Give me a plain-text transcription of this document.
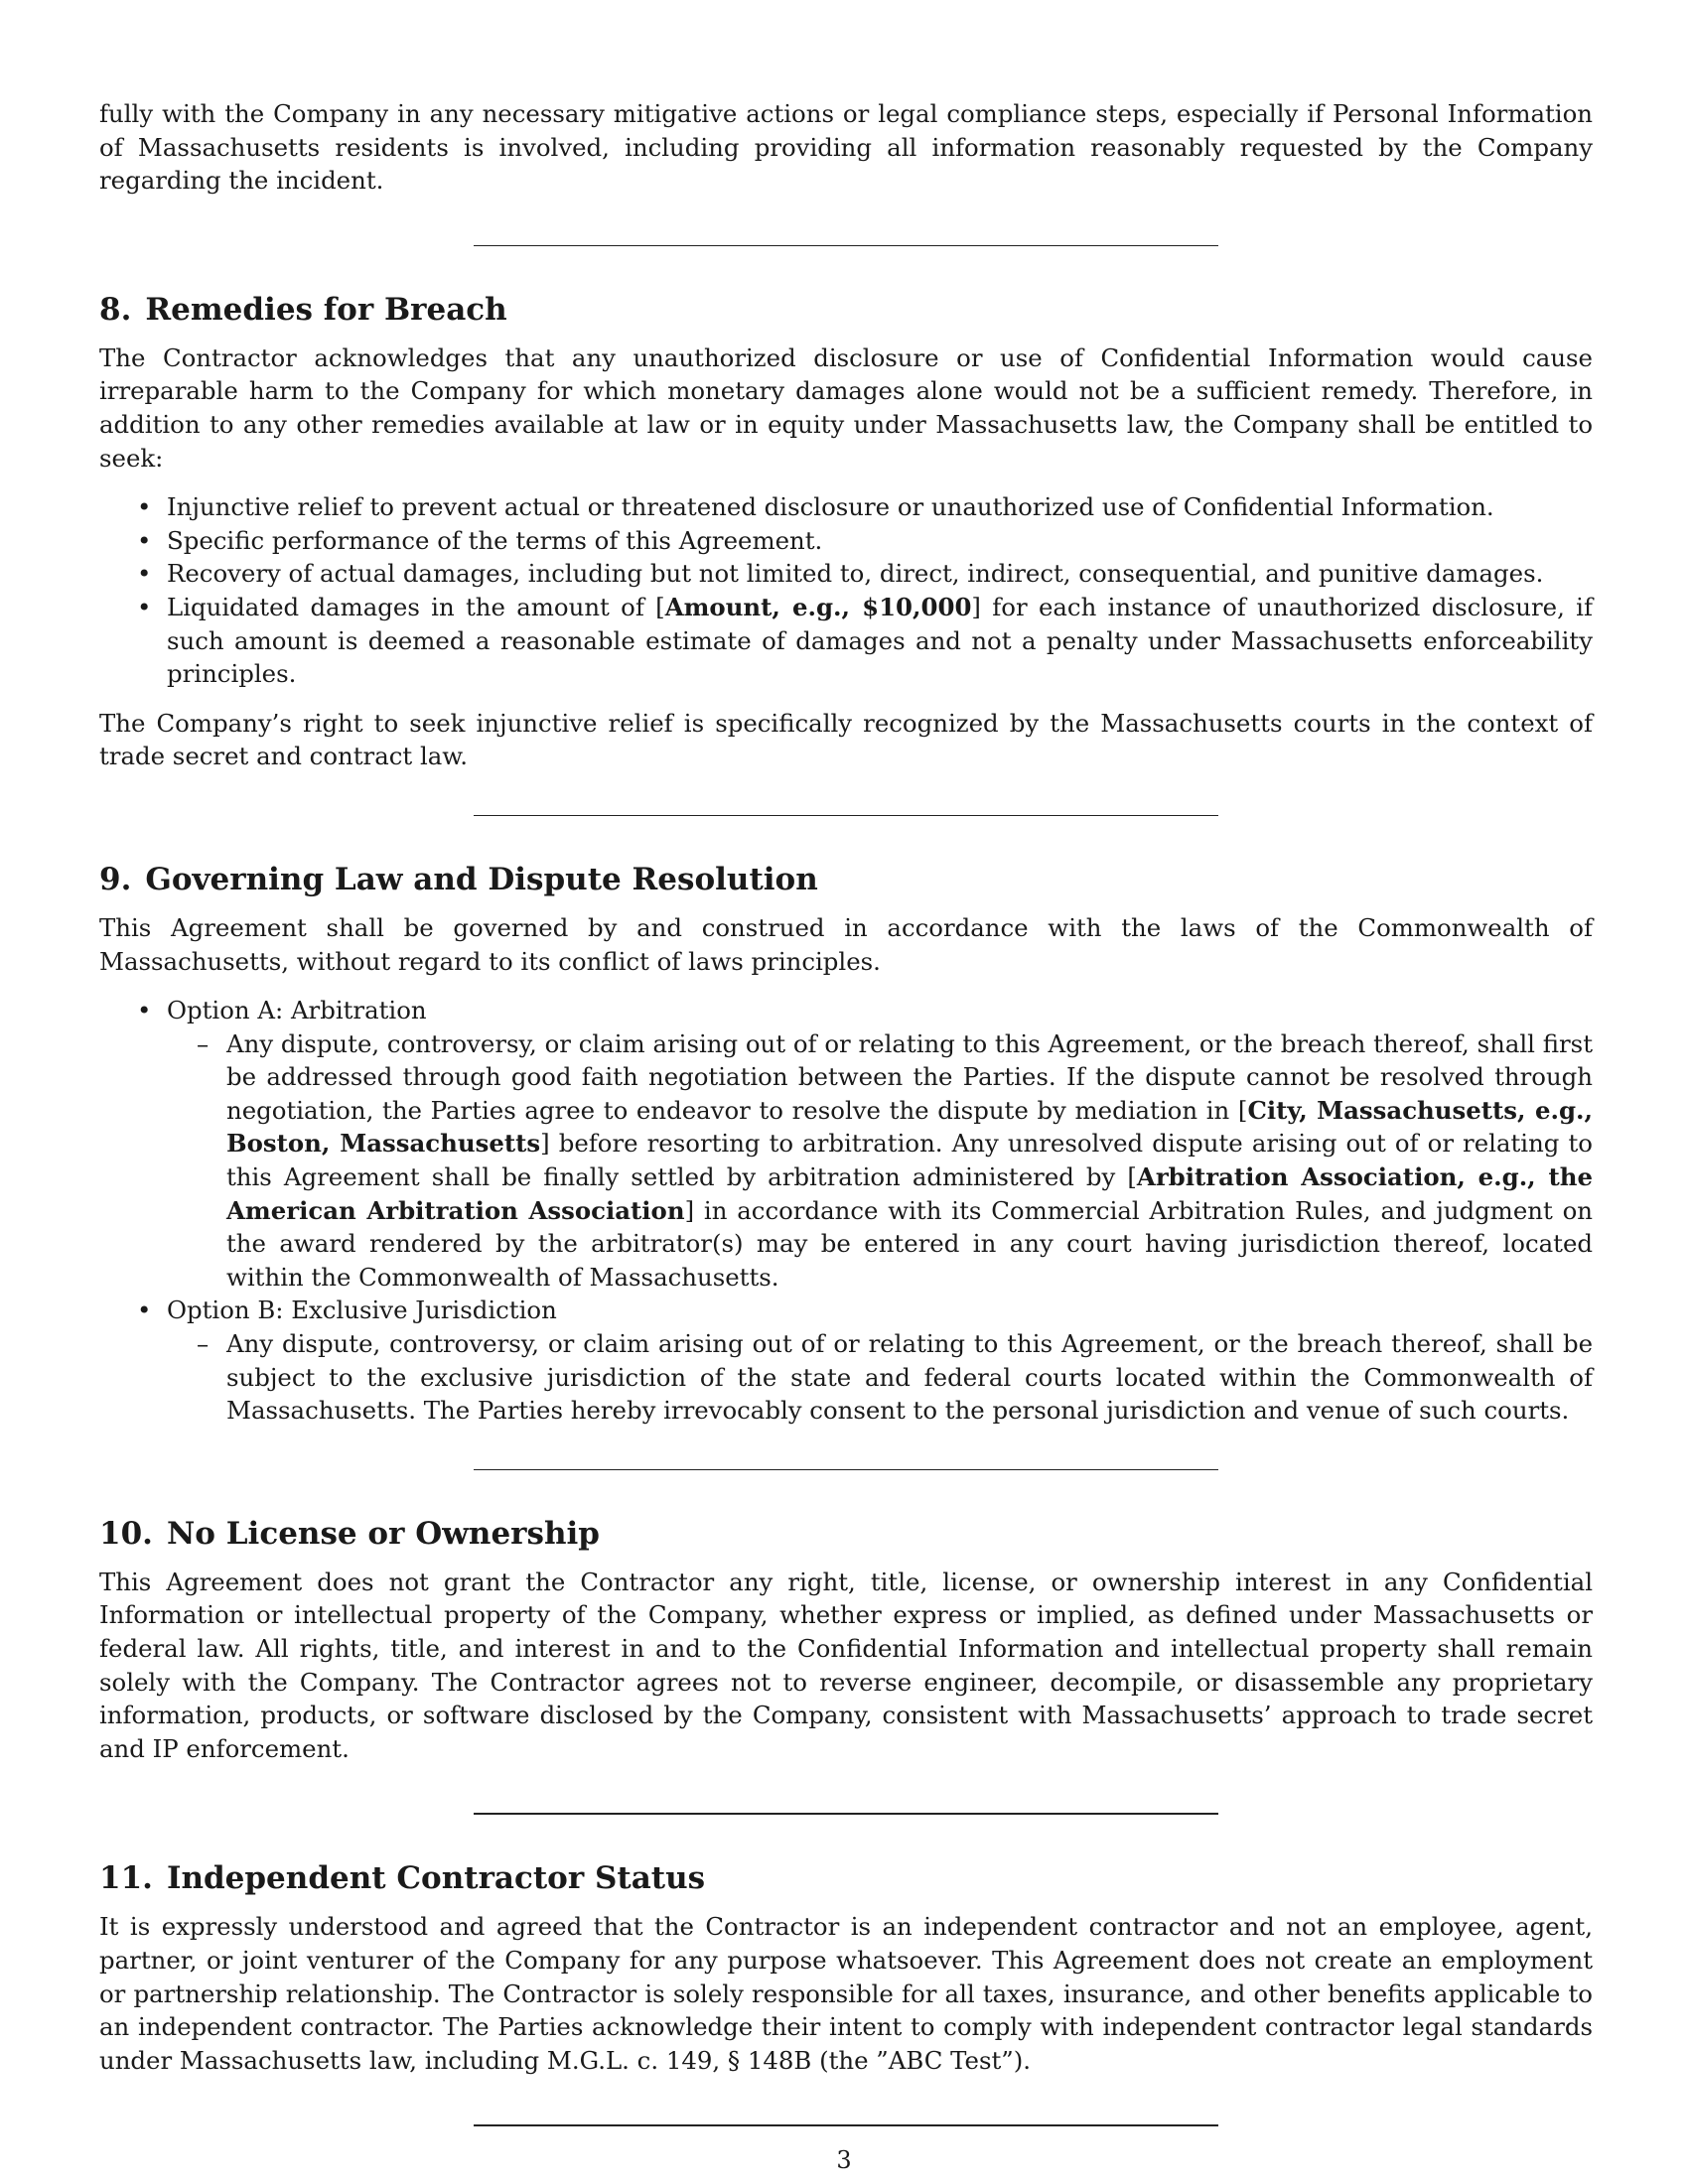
fully with the Company in any necessary mitigative actions or legal compliance steps, especially if Personal Information of Massachusetts residents is involved, including providing all information reasonably requested by the Company regarding the incident.

8. Remedies for Breach

The Contractor acknowledges that any unauthorized disclosure or use of Confidential Information would cause irreparable harm to the Company for which monetary damages alone would not be a sufficient remedy. Therefore, in addition to any other remedies available at law or in equity under Massachusetts law, the Company shall be entitled to seek:

• Injunctive relief to prevent actual or threatened disclosure or unauthorized use of Confidential Information.
• Specific performance of the terms of this Agreement.
• Recovery of actual damages, including but not limited to, direct, indirect, consequential, and punitive damages.
• Liquidated damages in the amount of [Amount, e.g., $10,000] for each instance of unauthorized disclosure, if such amount is deemed a reasonable estimate of damages and not a penalty under Massachusetts enforceability principles.

The Company’s right to seek injunctive relief is specifically recognized by the Massachusetts courts in the context of trade secret and contract law.

9. Governing Law and Dispute Resolution

This Agreement shall be governed by and construed in accordance with the laws of the Commonwealth of Massachusetts, without regard to its conflict of laws principles.

• Option A: Arbitration
– Any dispute, controversy, or claim arising out of or relating to this Agreement, or the breach thereof, shall first be addressed through good faith negotiation between the Parties. If the dispute cannot be resolved through negotiation, the Parties agree to endeavor to resolve the dispute by mediation in [City, Massachusetts, e.g., Boston, Massachusetts] before resorting to arbitration. Any unresolved dispute arising out of or relating to this Agreement shall be finally settled by arbitration administered by [Arbitration Association, e.g., the American Arbitration Association] in accordance with its Commercial Arbitration Rules, and judgment on the award rendered by the arbitrator(s) may be entered in any court having jurisdiction thereof, located within the Commonwealth of Massachusetts.
• Option B: Exclusive Jurisdiction
– Any dispute, controversy, or claim arising out of or relating to this Agreement, or the breach thereof, shall be subject to the exclusive jurisdiction of the state and federal courts located within the Commonwealth of Massachusetts. The Parties hereby irrevocably consent to the personal jurisdiction and venue of such courts.
10. No License or Ownership

This Agreement does not grant the Contractor any right, title, license, or ownership interest in any Confidential Information or intellectual property of the Company, whether express or implied, as defined under Massachusetts or federal law. All rights, title, and interest in and to the Confidential Information and intellectual property shall remain solely with the Company. The Contractor agrees not to reverse engineer, decompile, or disassemble any proprietary information, products, or software disclosed by the Company, consistent with Massachusetts’ approach to trade secret and IP enforcement.

11. Independent Contractor Status

It is expressly understood and agreed that the Contractor is an independent contractor and not an employee, agent, partner, or joint venturer of the Company for any purpose whatsoever. This Agreement does not create an employment or partnership relationship. The Contractor is solely responsible for all taxes, insurance, and other benefits applicable to an independent contractor. The Parties acknowledge their intent to comply with independent contractor legal standards under Massachusetts law, including M.G.L. c. 149, § 148B (the ”ABC Test”).

3
